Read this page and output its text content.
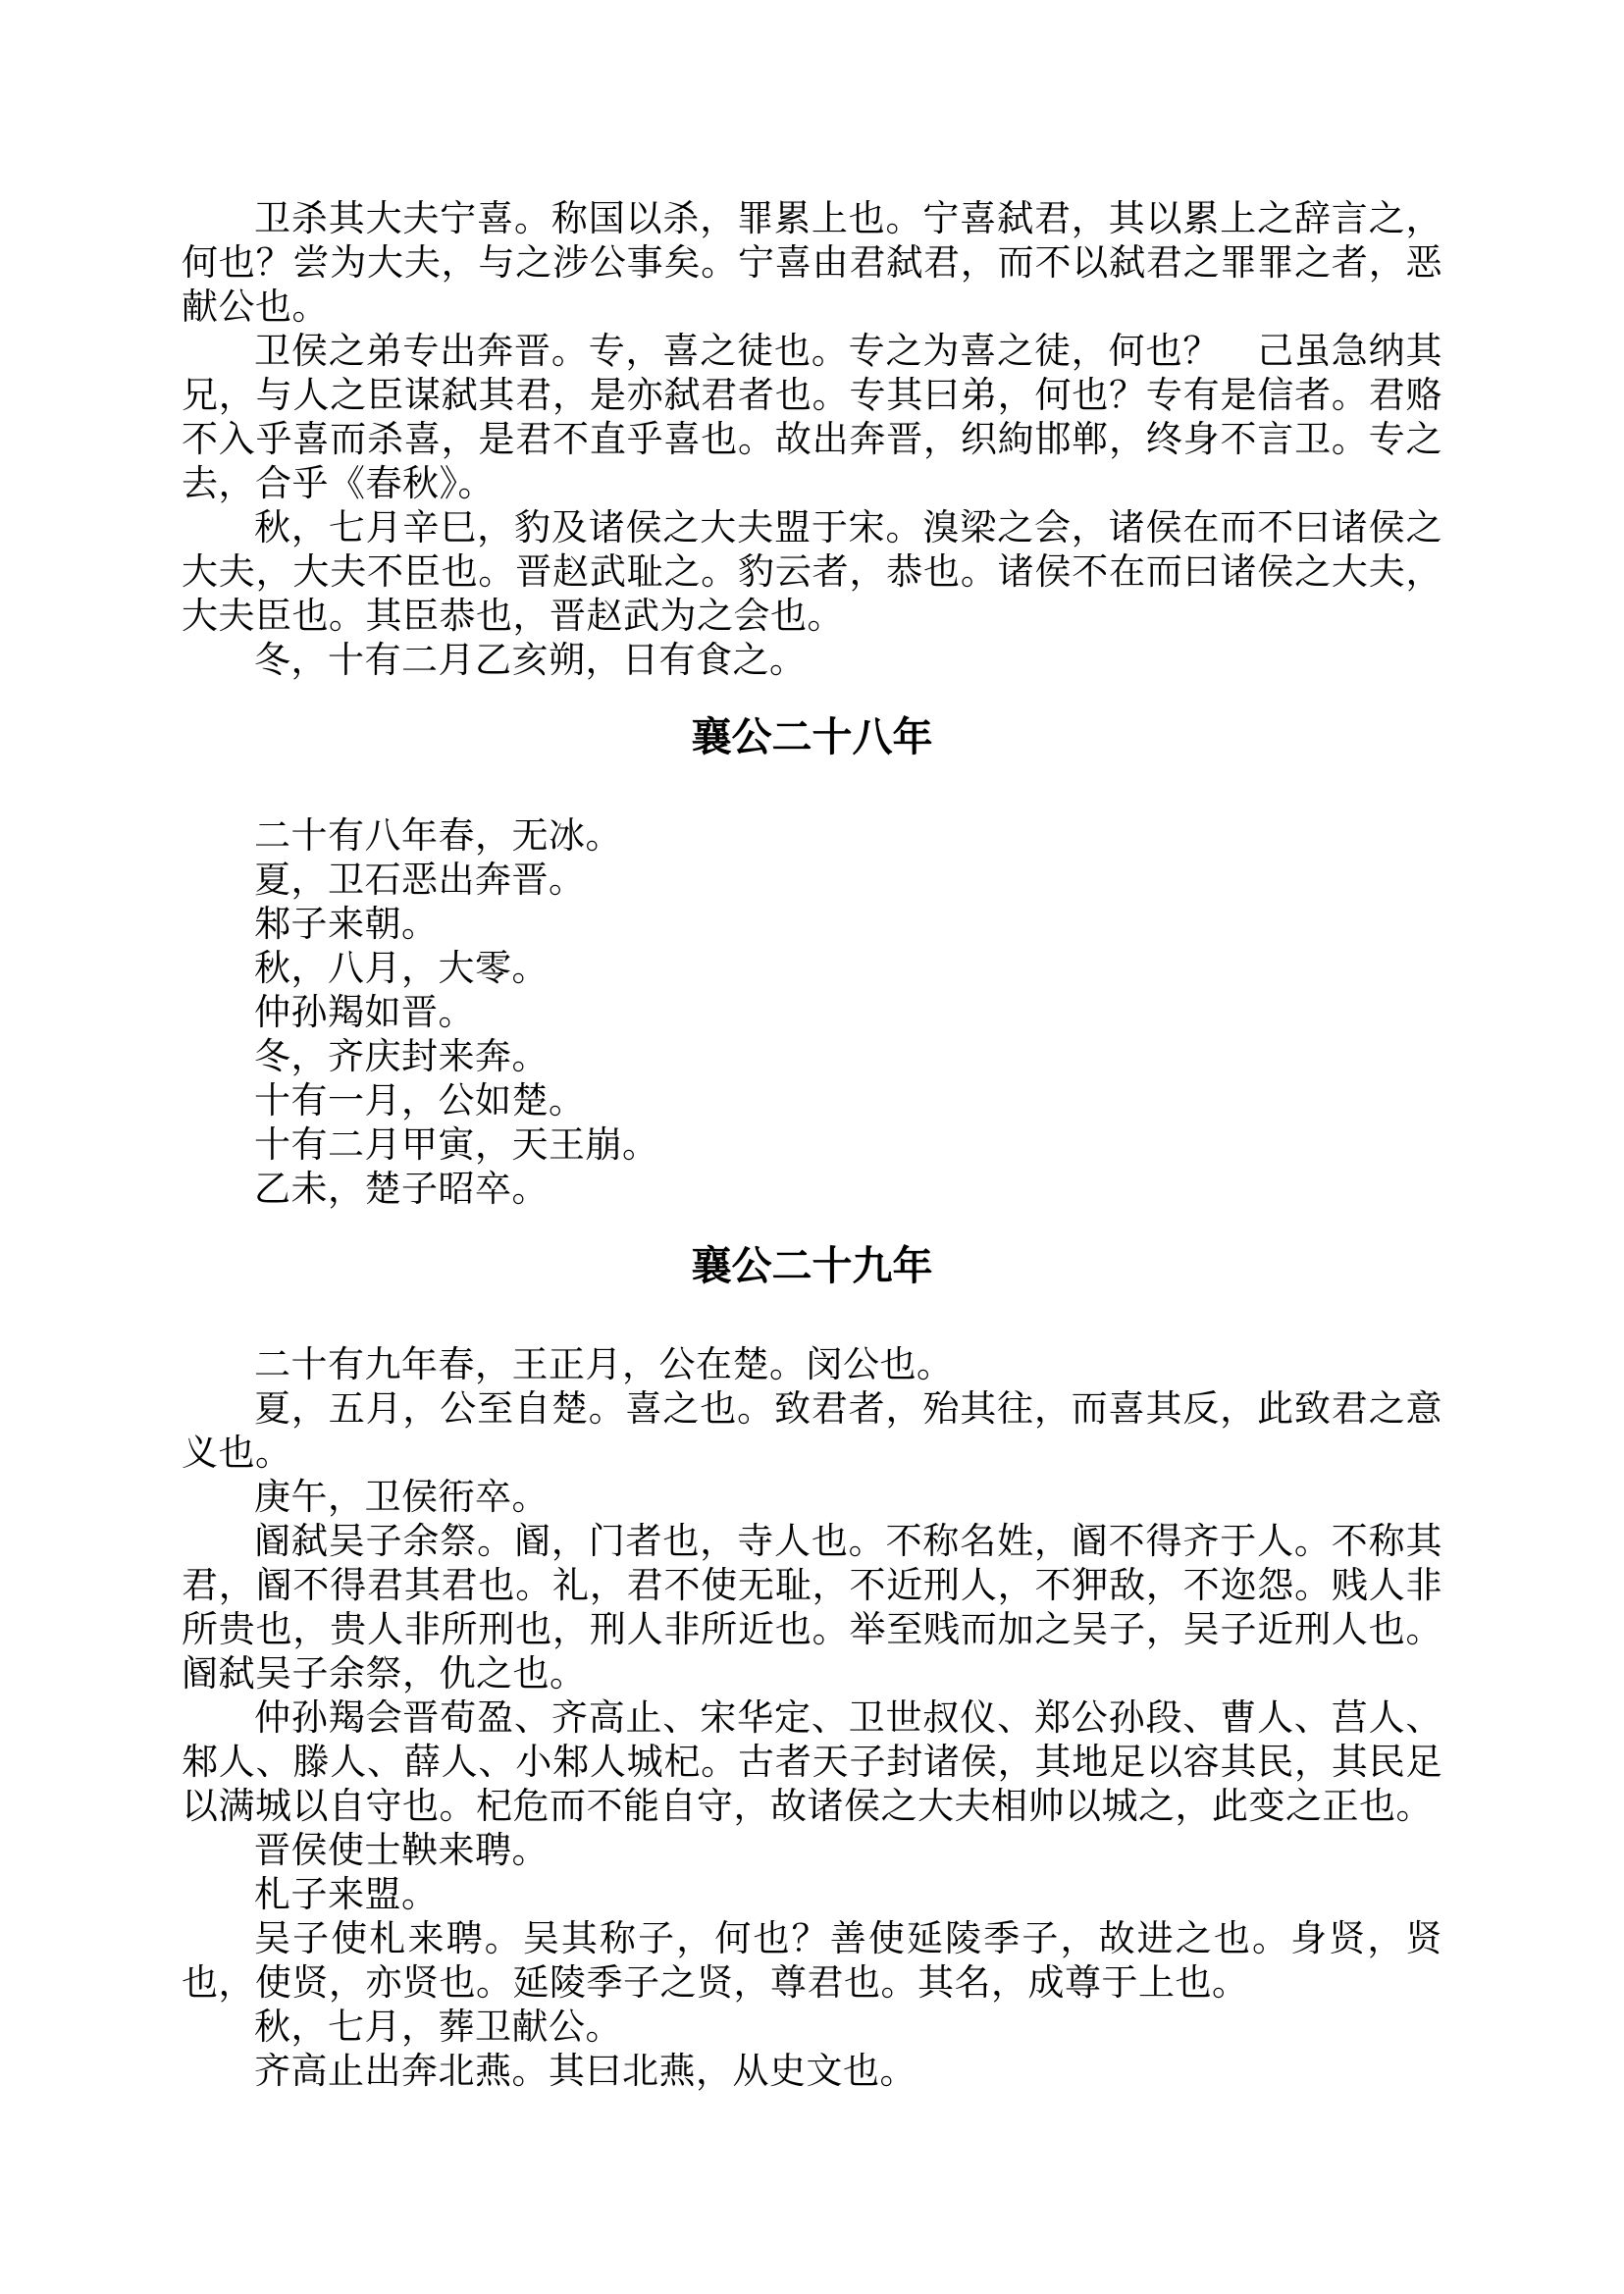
卫杀其大夫宁喜。称国以杀，罪累上也。宁喜弑君，其以累上之辞言之，何也？尝为大夫，与之涉公事矣。宁喜由君弑君，而不以弑君之罪罪之者，恶献公也。

卫侯之弟专出奔晋。专，喜之徒也。专之为喜之徒，何也？　己虽急纳其兄，与人之臣谋弑其君，是亦弑君者也。专其曰弟，何也？专有是信者。君赂不入乎喜而杀喜，是君不直乎喜也。故出奔晋，织絇邯郸，终身不言卫。专之去，合乎《春秋》。

秋，七月辛巳，豹及诸侯之大夫盟于宋。溴梁之会，诸侯在而不曰诸侯之大夫，大夫不臣也。晋赵武耻之。豹云者，恭也。诸侯不在而曰诸侯之大夫，大夫臣也。其臣恭也，晋赵武为之会也。

冬，十有二月乙亥朔，日有食之。

襄公二十八年

二十有八年春，无冰。

夏，卫石恶出奔晋。

邾子来朝。

秋，八月，大零。

仲孙羯如晋。

冬，齐庆封来奔。

十有一月，公如楚。

十有二月甲寅，天王崩。

乙未，楚子昭卒。

襄公二十九年

二十有九年春，王正月，公在楚。闵公也。

夏，五月，公至自楚。喜之也。致君者，殆其往，而喜其反，此致君之意义也。

庚午，卫侯衎卒。

阍弑吴子余祭。阍，门者也，寺人也。不称名姓，阍不得齐于人。不称其君，阍不得君其君也。礼，君不使无耻，不近刑人，不狎敌，不迩怨。贱人非所贵也，贵人非所刑也，刑人非所近也。举至贱而加之吴子，吴子近刑人也。阍弑吴子余祭，仇之也。

仲孙羯会晋荀盈、齐高止、宋华定、卫世叔仪、郑公孙段、曹人、莒人、邾人、滕人、薛人、小邾人城杞。古者天子封诸侯，其地足以容其民，其民足以满城以自守也。杞危而不能自守，故诸侯之大夫相帅以城之，此变之正也。

晋侯使士鞅来聘。

札子来盟。

吴子使札来聘。吴其称子，何也？善使延陵季子，故进之也。身贤，贤也，使贤，亦贤也。延陵季子之贤，尊君也。其名，成尊于上也。

秋，七月，葬卫献公。

齐高止出奔北燕。其曰北燕，从史文也。
